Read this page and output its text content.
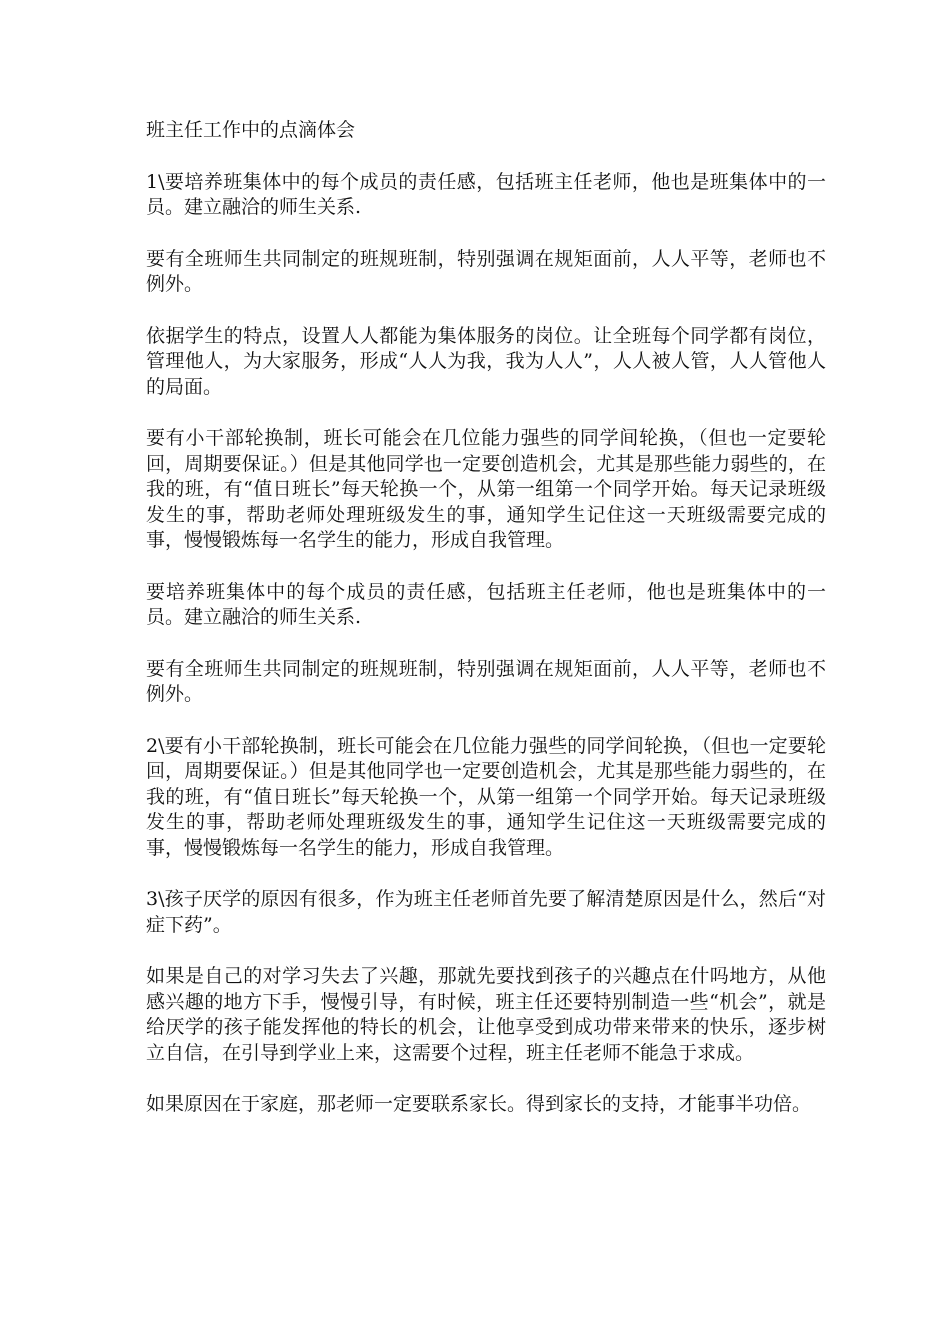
班主任工作中的点滴体会

1\要培养班集体中的每个成员的责任感，包括班主任老师，他也是班集体中的一员。建立融洽的师生关系.

要有全班师生共同制定的班规班制，特别强调在规矩面前，人人平等，老师也不例外。

依据学生的特点，设置人人都能为集体服务的岗位。让全班每个同学都有岗位，管理他人，为大家服务，形成“人人为我，我为人人”，人人被人管，人人管他人的局面。

要有小干部轮换制，班长可能会在几位能力强些的同学间轮换，（但也一定要轮回，周期要保证。）但是其他同学也一定要创造机会，尤其是那些能力弱些的，在我的班，有“值日班长”每天轮换一个，从第一组第一个同学开始。每天记录班级发生的事，帮助老师处理班级发生的事，通知学生记住这一天班级需要完成的事，慢慢锻炼每一名学生的能力，形成自我管理。

要培养班集体中的每个成员的责任感，包括班主任老师，他也是班集体中的一员。建立融洽的师生关系.

要有全班师生共同制定的班规班制，特别强调在规矩面前，人人平等，老师也不例外。

2\要有小干部轮换制，班长可能会在几位能力强些的同学间轮换，（但也一定要轮回，周期要保证。）但是其他同学也一定要创造机会，尤其是那些能力弱些的，在我的班，有“值日班长”每天轮换一个，从第一组第一个同学开始。每天记录班级发生的事，帮助老师处理班级发生的事，通知学生记住这一天班级需要完成的事，慢慢锻炼每一名学生的能力，形成自我管理。

3\孩子厌学的原因有很多，作为班主任老师首先要了解清楚原因是什么，然后“对症下药”。

如果是自己的对学习失去了兴趣，那就先要找到孩子的兴趣点在什吗地方，从他感兴趣的地方下手，慢慢引导，有时候，班主任还要特别制造一些“机会”，就是给厌学的孩子能发挥他的特长的机会，让他享受到成功带来带来的快乐，逐步树立自信，在引导到学业上来，这需要个过程，班主任老师不能急于求成。

如果原因在于家庭，那老师一定要联系家长。得到家长的支持，才能事半功倍。
